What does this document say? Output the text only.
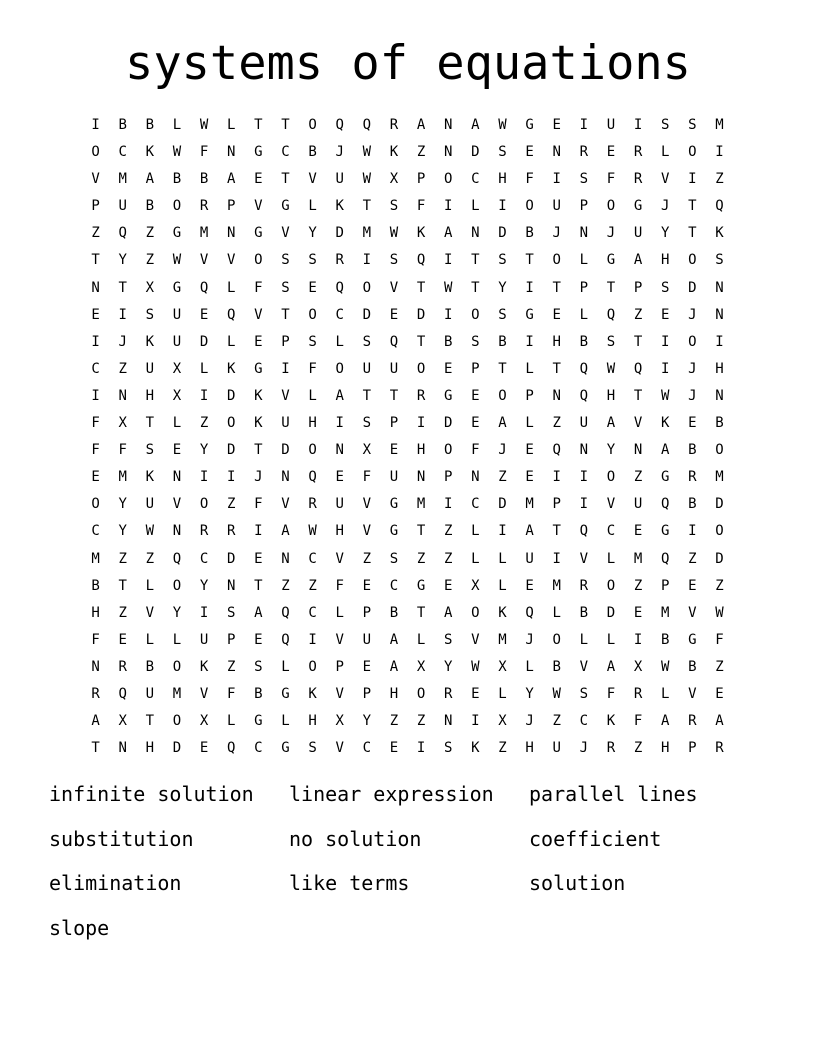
systems of equations
I	B	B	L	W	L	T	T	O	Q	Q	R	A	N	A	W	G	E	I	U	I	S	S	M
O	C	K	W	F	N	G	C	B	J	W	K	Z	N	D	S	E	N	R	E	R	L	O	I
V	M	A	B	B	A	E	T	V	U	W	X	P	O	C	H	F	I	S	F	R	V	I	Z
P	U	B	O	R	P	V	G	L	K	T	S	F	I	L	I	O	U	P	O	G	J	T	Q
Z	Q	Z	G	M	N	G	V	Y	D	M	W	K	A	N	D	B	J	N	J	U	Y	T	K
T	Y	Z	W	V	V	O	S	S	R	I	S	Q	I	T	S	T	O	L	G	A	H	O	S
N	T	X	G	Q	L	F	S	E	Q	O	V	T	W	T	Y	I	T	P	T	P	S	D	N
E	I	S	U	E	Q	V	T	O	C	D	E	D	I	O	S	G	E	L	Q	Z	E	J	N
I	J	K	U	D	L	E	P	S	L	S	Q	T	B	S	B	I	H	B	S	T	I	O	I
C	Z	U	X	L	K	G	I	F	O	U	U	O	E	P	T	L	T	Q	W	Q	I	J	H
I	N	H	X	I	D	K	V	L	A	T	T	R	G	E	O	P	N	Q	H	T	W	J	N
F	X	T	L	Z	O	K	U	H	I	S	P	I	D	E	A	L	Z	U	A	V	K	E	B
F	F	S	E	Y	D	T	D	O	N	X	E	H	O	F	J	E	Q	N	Y	N	A	B	O
E	M	K	N	I	I	J	N	Q	E	F	U	N	P	N	Z	E	I	I	O	Z	G	R	M
O	Y	U	V	O	Z	F	V	R	U	V	G	M	I	C	D	M	P	I	V	U	Q	B	D
C	Y	W	N	R	R	I	A	W	H	V	G	T	Z	L	I	A	T	Q	C	E	G	I	O
M	Z	Z	Q	C	D	E	N	C	V	Z	S	Z	Z	L	L	U	I	V	L	M	Q	Z	D
B	T	L	O	Y	N	T	Z	Z	F	E	C	G	E	X	L	E	M	R	O	Z	P	E	Z
H	Z	V	Y	I	S	A	Q	C	L	P	B	T	A	O	K	Q	L	B	D	E	M	V	W
F	E	L	L	U	P	E	Q	I	V	U	A	L	S	V	M	J	O	L	L	I	B	G	F
N	R	B	O	K	Z	S	L	O	P	E	A	X	Y	W	X	L	B	V	A	X	W	B	Z
R	Q	U	M	V	F	B	G	K	V	P	H	O	R	E	L	Y	W	S	F	R	L	V	E
A	X	T	O	X	L	G	L	H	X	Y	Z	Z	N	I	X	J	Z	C	K	F	A	R	A
T	N	H	D	E	Q	C	G	S	V	C	E	I	S	K	Z	H	U	J	R	Z	H	P	R
infinite solution	linear expression	parallel lines
substitution	no solution	coefficient
elimination	like terms	solution
slope
